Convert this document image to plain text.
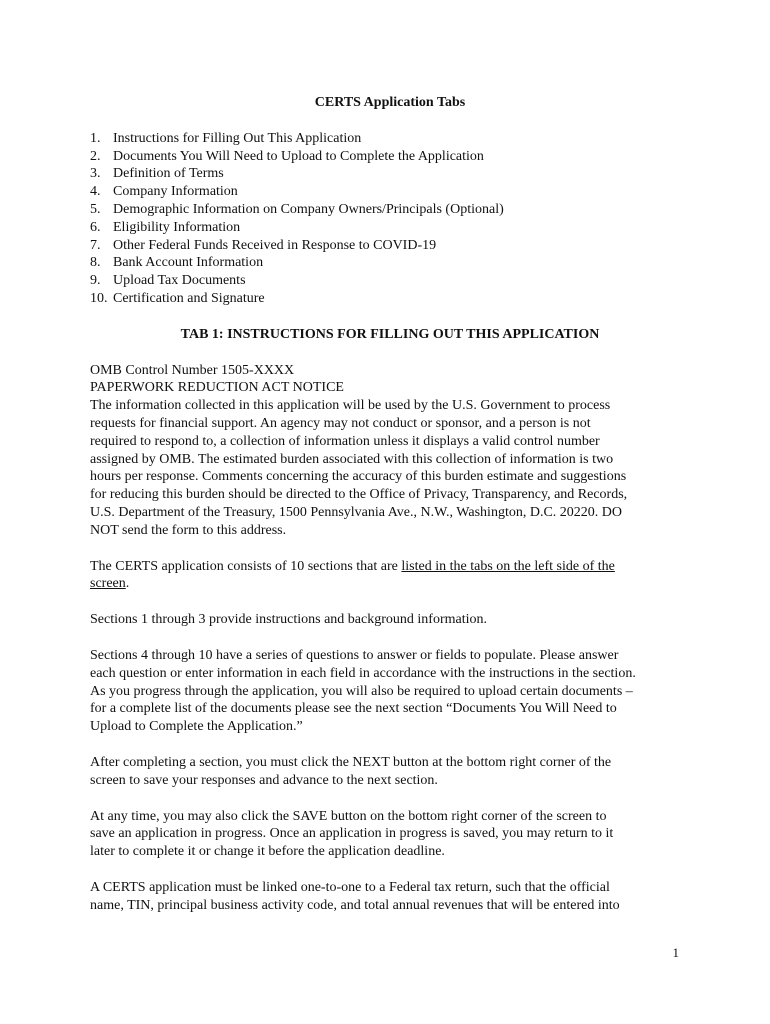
CERTS Application Tabs

1. Instructions for Filling Out This Application
2. Documents You Will Need to Upload to Complete the Application
3. Definition of Terms
4. Company Information
5. Demographic Information on Company Owners/Principals (Optional)
6. Eligibility Information
7. Other Federal Funds Received in Response to COVID-19
8. Bank Account Information
9. Upload Tax Documents
10. Certification and Signature

TAB 1: INSTRUCTIONS FOR FILLING OUT THIS APPLICATION

OMB Control Number 1505-XXXX
PAPERWORK REDUCTION ACT NOTICE
The information collected in this application will be used by the U.S. Government to process
requests for financial support. An agency may not conduct or sponsor, and a person is not
required to respond to, a collection of information unless it displays a valid control number
assigned by OMB. The estimated burden associated with this collection of information is two
hours per response. Comments concerning the accuracy of this burden estimate and suggestions
for reducing this burden should be directed to the Office of Privacy, Transparency, and Records,
U.S. Department of the Treasury, 1500 Pennsylvania Ave., N.W., Washington, D.C. 20220. DO
NOT send the form to this address.
The CERTS application consists of 10 sections that are listed in the tabs on the left side of the
screen.
Sections 1 through 3 provide instructions and background information.
Sections 4 through 10 have a series of questions to answer or fields to populate. Please answer
each question or enter information in each field in accordance with the instructions in the section.
As you progress through the application, you will also be required to upload certain documents –
for a complete list of the documents please see the next section “Documents You Will Need to
Upload to Complete the Application.”
After completing a section, you must click the NEXT button at the bottom right corner of the
screen to save your responses and advance to the next section.
At any time, you may also click the SAVE button on the bottom right corner of the screen to
save an application in progress. Once an application in progress is saved, you may return to it
later to complete it or change it before the application deadline.
A CERTS application must be linked one-to-one to a Federal tax return, such that the official
name, TIN, principal business activity code, and total annual revenues that will be entered into
1
